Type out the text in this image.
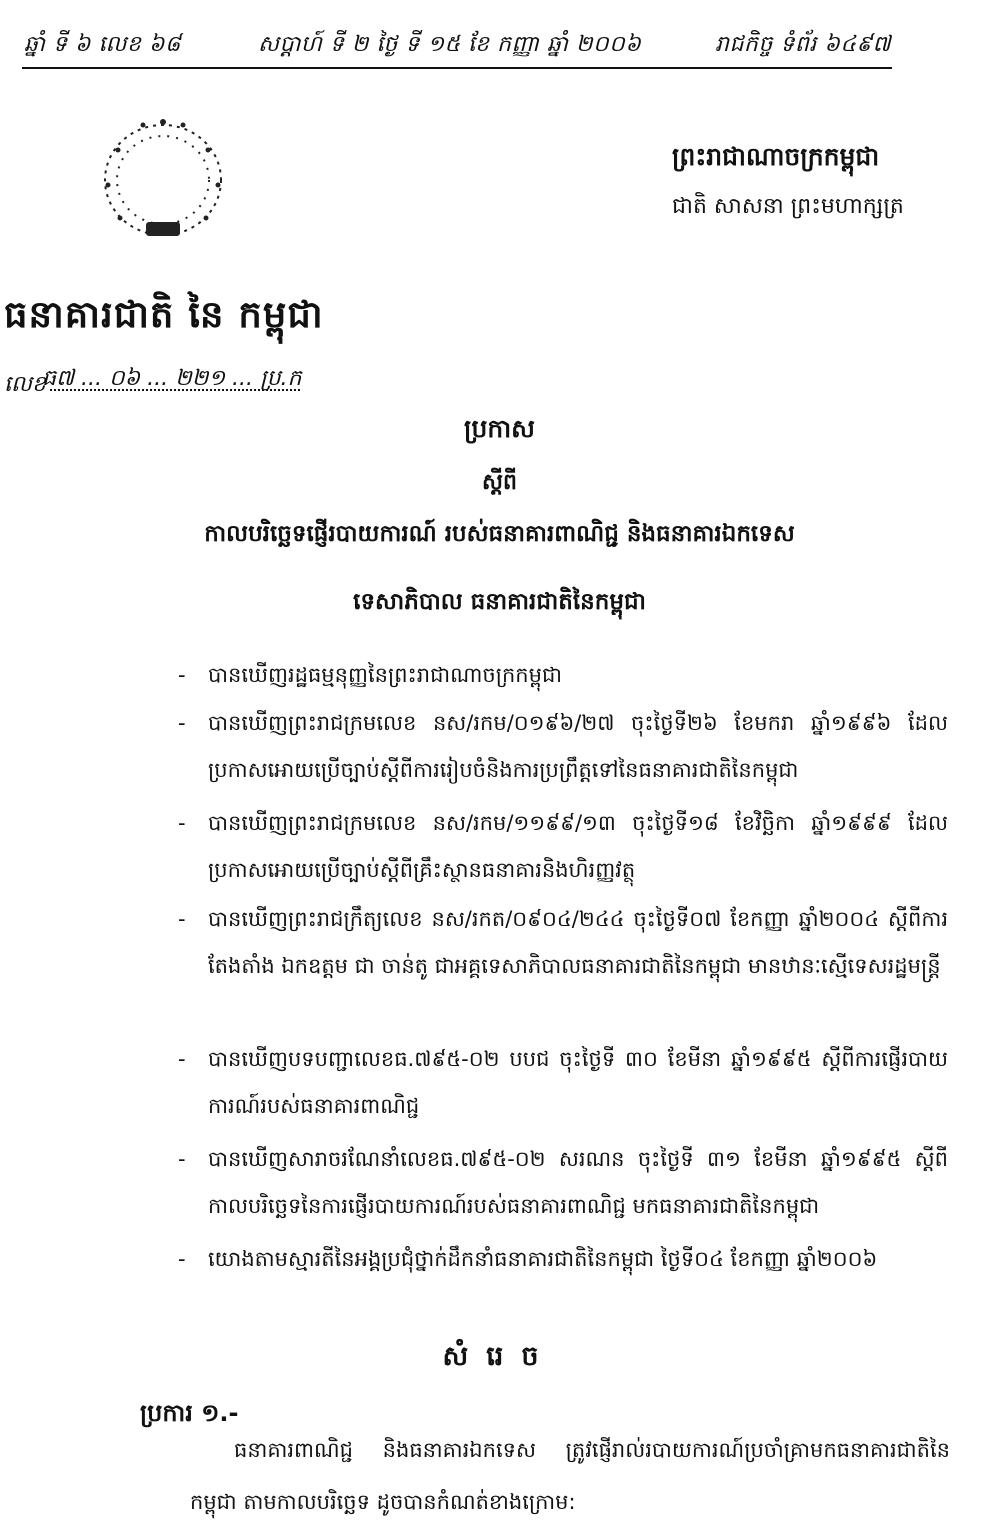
ឆ្នាំ ទី ៦ លេខ ៦៨	សប្តាហ៍ ទី ២ ថ្ងៃ ទី ១៥ ខែ កញ្ញា ឆ្នាំ ២០០៦	រាជកិច្ច ទំព័រ ៦៤៩៧
ព្រះរាជាណាចក្រកម្ពុជា
ជាតិ សាសនា ព្រះមហាក្សត្រ
ធនាគារជាតិ នៃ កម្ពុជា
លេខ
ធ៧ ... ០៦ ... ២២១ ... ប្រ.ក
ប្រកាស
ស្តីពី
កាលបរិច្ឆេទផ្ញើរបាយការណ៍ របស់ធនាគារពាណិជ្ជ និងធនាគារឯកទេស
ទេសាភិបាល ធនាគារជាតិនៃកម្ពុជា
- បានឃើញរដ្ឋធម្មនុញ្ញនៃព្រះរាជាណាចក្រកម្ពុជា
- បានឃើញព្រះរាជក្រមលេខ នស/រកម/០១៩៦/២៧ ចុះថ្ងៃទី២៦ ខែមករា ឆ្នាំ១៩៩៦ ដែលប្រកាសអោយប្រើច្បាប់ស្តីពីការរៀបចំនិងការប្រព្រឹត្តទៅនៃធនាគារជាតិនៃកម្ពុជា
- បានឃើញព្រះរាជក្រមលេខ នស/រកម/១១៩៩/១៣ ចុះថ្ងៃទី១៨ ខែវិច្ឆិកា ឆ្នាំ១៩៩៩ ដែលប្រកាសអោយប្រើច្បាប់ស្តីពីគ្រឹះស្ថានធនាគារនិងហិរញ្ញវត្ថុ
- បានឃើញព្រះរាជក្រឹត្យលេខ នស/រកត/០៩០៤/២៤៤ ចុះថ្ងៃទី០៧ ខែកញ្ញា ឆ្នាំ២០០៤ ស្តីពីការតែងតាំង ឯកឧត្តម ជា ចាន់តូ ជាអគ្គទេសាភិបាលធនាគារជាតិនៃកម្ពុជា មានឋានៈស្មើទេសរដ្ឋមន្ត្រី
- បានឃើញបទបញ្ជាលេខធ.៧៩៥-០២ បបជ ចុះថ្ងៃទី ៣០ ខែមីនា ឆ្នាំ១៩៩៥ ស្តីពីការផ្ញើរបាយការណ៍របស់ធនាគារពាណិជ្ជ
- បានឃើញសារាចរណែនាំលេខធ.៧៩៥-០២ សរណន ចុះថ្ងៃទី ៣១ ខែមីនា ឆ្នាំ១៩៩៥ ស្តីពីកាលបរិច្ឆេទនៃការផ្ញើរបាយការណ៍របស់ធនាគារពាណិជ្ជ មកធនាគារជាតិនៃកម្ពុជា
- យោងតាមស្មារតីនៃអង្គប្រជុំថ្នាក់ដឹកនាំធនាគារជាតិនៃកម្ពុជា ថ្ងៃទី០៤ ខែកញ្ញា ឆ្នាំ២០០៦
សំរេច
ប្រការ ១.-
ធនាគារពាណិជ្ជ និងធនាគារឯកទេស ត្រូវផ្ញើរាល់របាយការណ៍ប្រចាំគ្រាមកធនាគារជាតិនៃកម្ពុជា តាមកាលបរិច្ឆេទ ដូចបានកំណត់ខាងក្រោម:
